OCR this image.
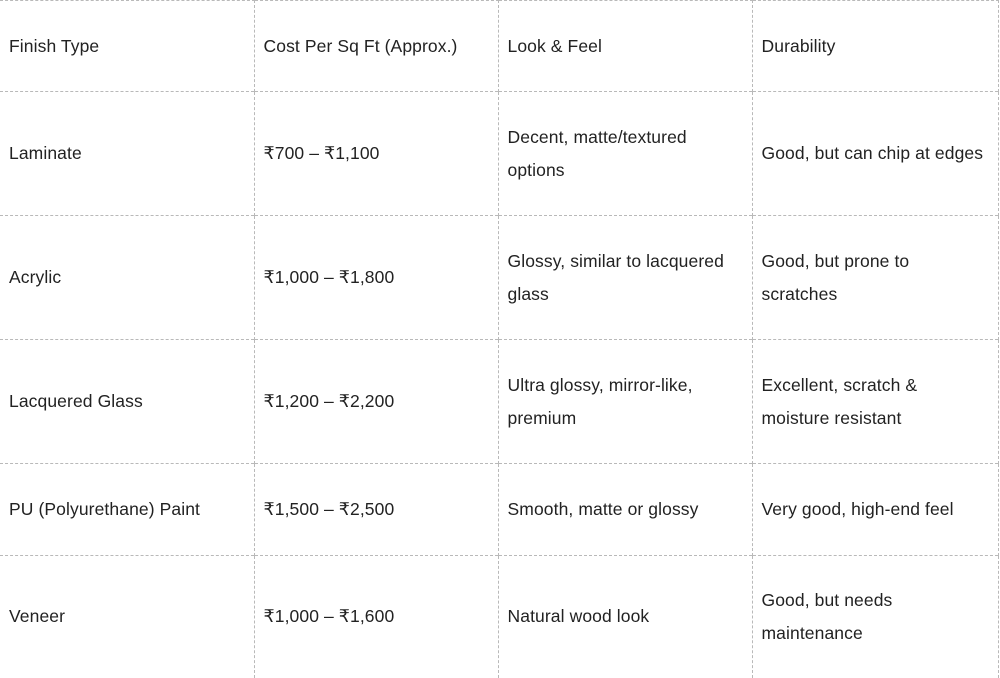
Finish Type	Cost Per Sq Ft (Approx.)	Look & Feel	Durability
Laminate	₹700 – ₹1,100	Decent, matte/textured options	Good, but can chip at edges
Acrylic	₹1,000 – ₹1,800	Glossy, similar to lacquered glass	Good, but prone to scratches
Lacquered Glass	₹1,200 – ₹2,200	Ultra glossy, mirror-like, premium	Excellent, scratch & moisture resistant
PU (Polyurethane) Paint	₹1,500 – ₹2,500	Smooth, matte or glossy	Very good, high-end feel
Veneer	₹1,000 – ₹1,600	Natural wood look	Good, but needs maintenance
